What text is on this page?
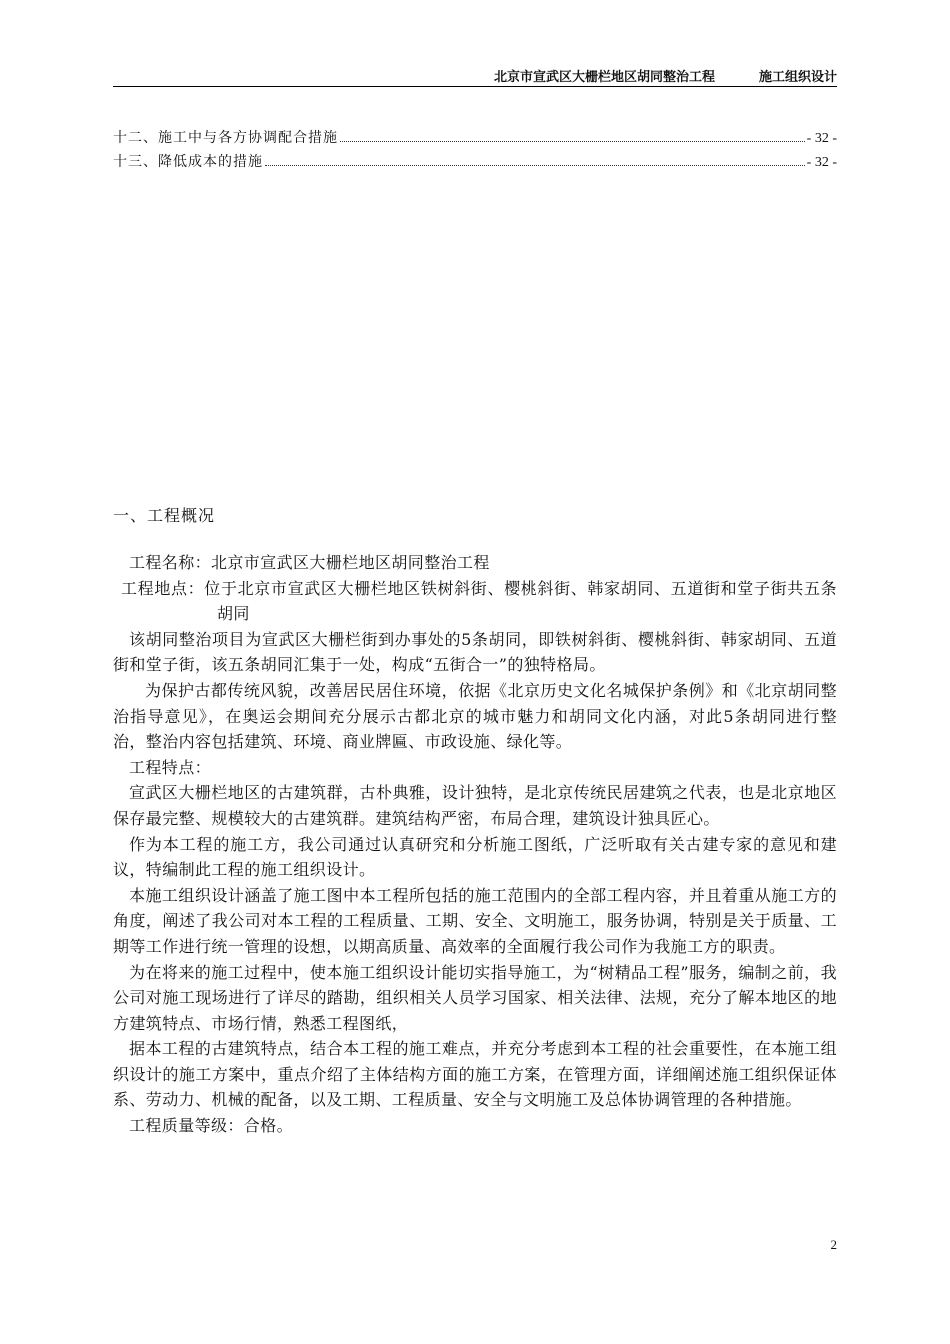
北京市宣武区大栅栏地区胡同整治工程	施工组织设计
十二、施工中与各方协调配合措施	- 32 -
十三、降低成本的措施	- 32 -
一、工程概况

工程名称：北京市宣武区大栅栏地区胡同整治工程

工程地点：位于北京市宣武区大栅栏地区铁树斜街、樱桃斜街、韩家胡同、五道街和堂子街共五条胡同

该胡同整治项目为宣武区大栅栏街到办事处的5条胡同，即铁树斜街、樱桃斜街、韩家胡同、五道街和堂子街，该五条胡同汇集于一处，构成“五街合一”的独特格局。

为保护古都传统风貌，改善居民居住环境，依据《北京历史文化名城保护条例》和《北京胡同整治指导意见》，在奥运会期间充分展示古都北京的城市魅力和胡同文化内涵，对此5条胡同进行整治，整治内容包括建筑、环境、商业牌匾、市政设施、绿化等。

工程特点：

宣武区大栅栏地区的古建筑群，古朴典雅，设计独特，是北京传统民居建筑之代表，也是北京地区保存最完整、规模较大的古建筑群。建筑结构严密，布局合理，建筑设计独具匠心。

作为本工程的施工方，我公司通过认真研究和分析施工图纸，广泛听取有关古建专家的意见和建议，特编制此工程的施工组织设计。

本施工组织设计涵盖了施工图中本工程所包括的施工范围内的全部工程内容，并且着重从施工方的角度，阐述了我公司对本工程的工程质量、工期、安全、文明施工，服务协调，特别是关于质量、工期等工作进行统一管理的设想，以期高质量、高效率的全面履行我公司作为我施工方的职责。

为在将来的施工过程中，使本施工组织设计能切实指导施工，为“树精品工程”服务，编制之前，我公司对施工现场进行了详尽的踏勘，组织相关人员学习国家、相关法律、法规，充分了解本地区的地方建筑特点、市场行情，熟悉工程图纸，

据本工程的古建筑特点，结合本工程的施工难点，并充分考虑到本工程的社会重要性，在本施工组织设计的施工方案中，重点介绍了主体结构方面的施工方案，在管理方面，详细阐述施工组织保证体系、劳动力、机械的配备，以及工期、工程质量、安全与文明施工及总体协调管理的各种措施。

工程质量等级：合格。

2
